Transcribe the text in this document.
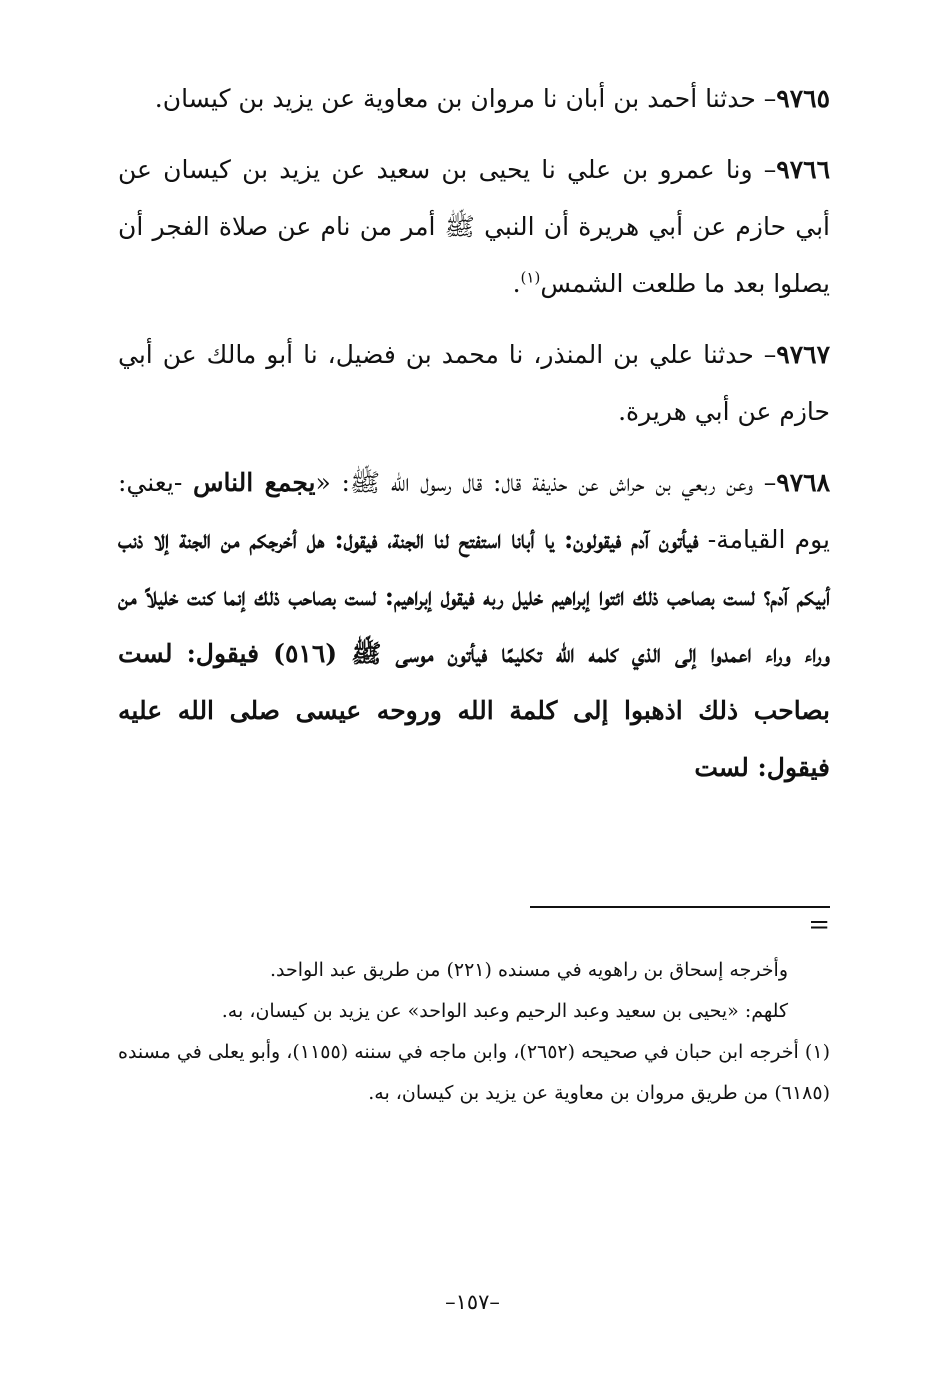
٩٧٦٥– حدثنا أحمد بن أبان نا مروان بن معاوية عن يزيد بن كيسان.

٩٧٦٦– ونا عمرو بن علي نا يحيى بن سعيد عن يزيد بن كيسان عن أبي حازم عن أبي هريرة أن النبي ﷺ أمر من نام عن صلاة الفجر أن يصلوا بعد ما طلعت الشمس$^{(١)}$.

٩٧٦٧– حدثنا علي بن المنذر، نا محمد بن فضيل، نا أبو مالك عن أبي حازم عن أبي هريرة.

٩٧٦٨– وعن ربعي بن حراش عن حذيفة قال: قال رسول الله ﷺ: «يجمع الناس -يعني: يوم القيامة- فيأتون آدم فيقولون: يا أبانا استفتح لنا الجنة، فيقول: هل أخرجكم من الجنة إلا ذنب أبيكم آدم؟ لست بصاحب ذلك ائتوا إبراهيم خليل ربه فيقول إبراهيم: لست بصاحب ذلك إنما كنت خليلاً من وراء وراء اعمدوا إلى الذي كلمه الله تكليمًا فيأتون موسى ﷺ (٥١٦) فيقول: لست بصاحب ذلك اذهبوا إلى كلمة الله وروحه عيسى صلى الله عليه فيقول: لست

=

وأخرجه إسحاق بن راهويه في مسنده (٢٢١) من طريق عبد الواحد.

كلهم: «يحيى بن سعيد وعبد الرحيم وعبد الواحد» عن يزيد بن كيسان، به.

(١) أخرجه ابن حبان في صحيحه (٢٦٥٢)، وابن ماجه في سننه (١١٥٥)، وأبو يعلى في مسنده (٦١٨٥) من طريق مروان بن معاوية عن يزيد بن كيسان، به.

–١٥٧–
